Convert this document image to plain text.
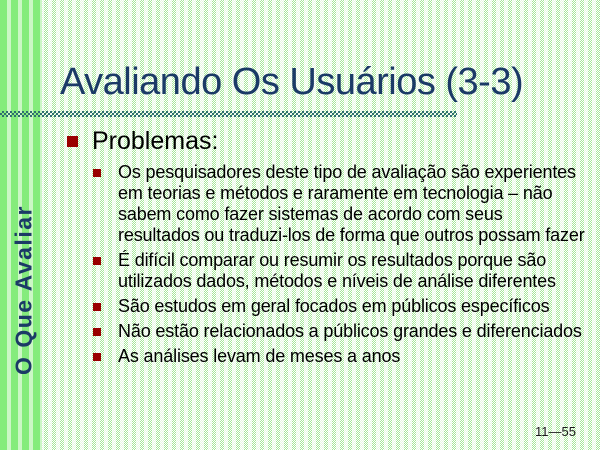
Avaliando Os Usuários (3-3)
O Que Avaliar
Problemas:
Os pesquisadores deste tipo de avaliação são experientes em teorias e métodos e raramente em tecnologia – não sabem como fazer sistemas de acordo com seus resultados ou traduzi-los de forma que outros possam fazer
É difícil comparar ou resumir os resultados porque são utilizados dados, métodos e níveis de análise diferentes
São estudos em geral focados em públicos específicos
Não estão relacionados a públicos grandes e diferenciados
As análises levam de meses a anos
11—55
